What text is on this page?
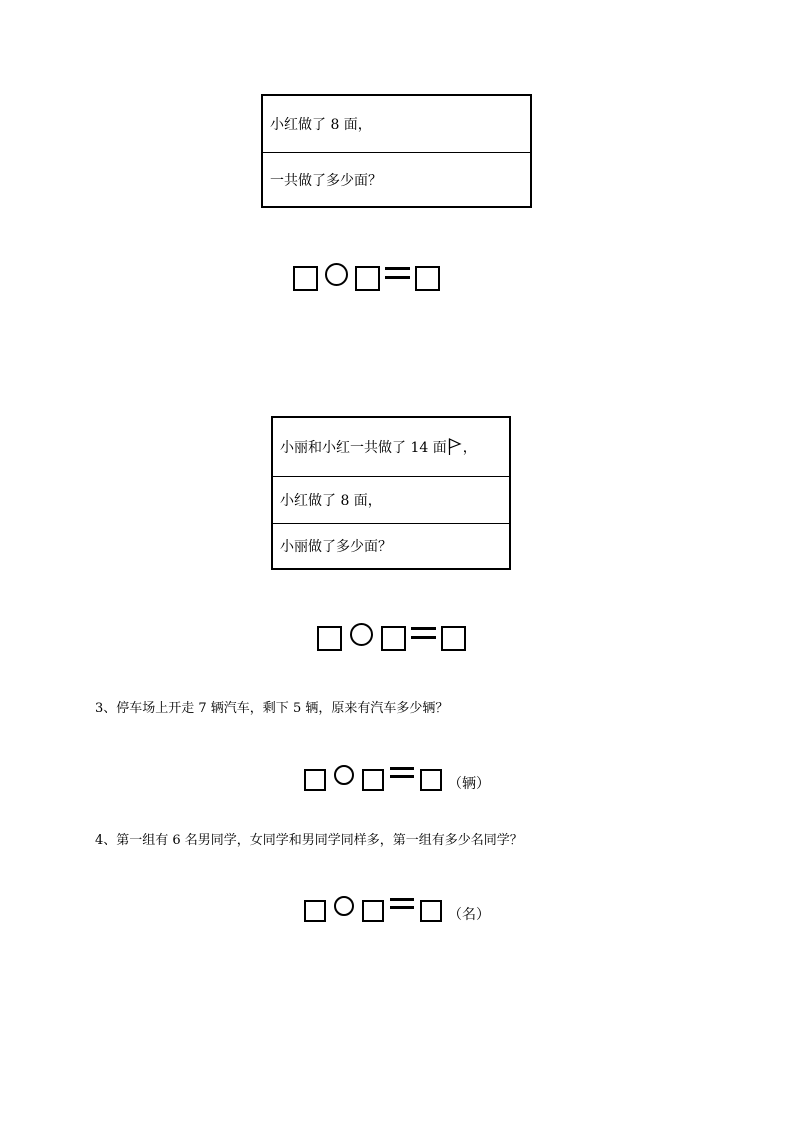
小红做了 8 面，
一共做了多少面？
小丽和小红一共做了 14 面 ，
小红做了 8 面，
小丽做了多少面？
3、停车场上开走 7 辆汽车，剩下 5 辆，原来有汽车多少辆？
（辆）
4、第一组有 6 名男同学，女同学和男同学同样多，第一组有多少名同学？
（名）
